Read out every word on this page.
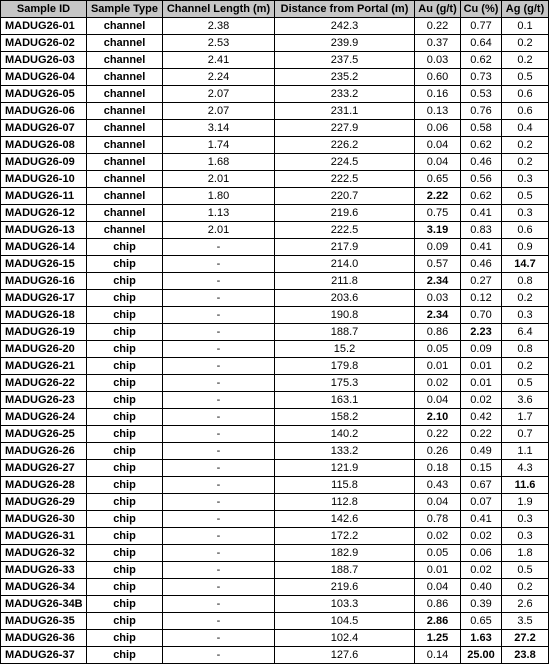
Sample ID	Sample Type	Channel Length (m)	Distance from Portal (m)	Au (g/t)	Cu (%)	Ag (g/t)
MADUG26-01	channel	2.38	242.3	0.22	0.77	0.1
MADUG26-02	channel	2.53	239.9	0.37	0.64	0.2
MADUG26-03	channel	2.41	237.5	0.03	0.62	0.2
MADUG26-04	channel	2.24	235.2	0.60	0.73	0.5
MADUG26-05	channel	2.07	233.2	0.16	0.53	0.6
MADUG26-06	channel	2.07	231.1	0.13	0.76	0.6
MADUG26-07	channel	3.14	227.9	0.06	0.58	0.4
MADUG26-08	channel	1.74	226.2	0.04	0.62	0.2
MADUG26-09	channel	1.68	224.5	0.04	0.46	0.2
MADUG26-10	channel	2.01	222.5	0.65	0.56	0.3
MADUG26-11	channel	1.80	220.7	2.22	0.62	0.5
MADUG26-12	channel	1.13	219.6	0.75	0.41	0.3
MADUG26-13	channel	2.01	222.5	3.19	0.83	0.6
MADUG26-14	chip	-	217.9	0.09	0.41	0.9
MADUG26-15	chip	-	214.0	0.57	0.46	14.7
MADUG26-16	chip	-	211.8	2.34	0.27	0.8
MADUG26-17	chip	-	203.6	0.03	0.12	0.2
MADUG26-18	chip	-	190.8	2.34	0.70	0.3
MADUG26-19	chip	-	188.7	0.86	2.23	6.4
MADUG26-20	chip	-	15.2	0.05	0.09	0.8
MADUG26-21	chip	-	179.8	0.01	0.01	0.2
MADUG26-22	chip	-	175.3	0.02	0.01	0.5
MADUG26-23	chip	-	163.1	0.04	0.02	3.6
MADUG26-24	chip	-	158.2	2.10	0.42	1.7
MADUG26-25	chip	-	140.2	0.22	0.22	0.7
MADUG26-26	chip	-	133.2	0.26	0.49	1.1
MADUG26-27	chip	-	121.9	0.18	0.15	4.3
MADUG26-28	chip	-	115.8	0.43	0.67	11.6
MADUG26-29	chip	-	112.8	0.04	0.07	1.9
MADUG26-30	chip	-	142.6	0.78	0.41	0.3
MADUG26-31	chip	-	172.2	0.02	0.02	0.3
MADUG26-32	chip	-	182.9	0.05	0.06	1.8
MADUG26-33	chip	-	188.7	0.01	0.02	0.5
MADUG26-34	chip	-	219.6	0.04	0.40	0.2
MADUG26-34B	chip	-	103.3	0.86	0.39	2.6
MADUG26-35	chip	-	104.5	2.86	0.65	3.5
MADUG26-36	chip	-	102.4	1.25	1.63	27.2
MADUG26-37	chip	-	127.6	0.14	25.00	23.8
